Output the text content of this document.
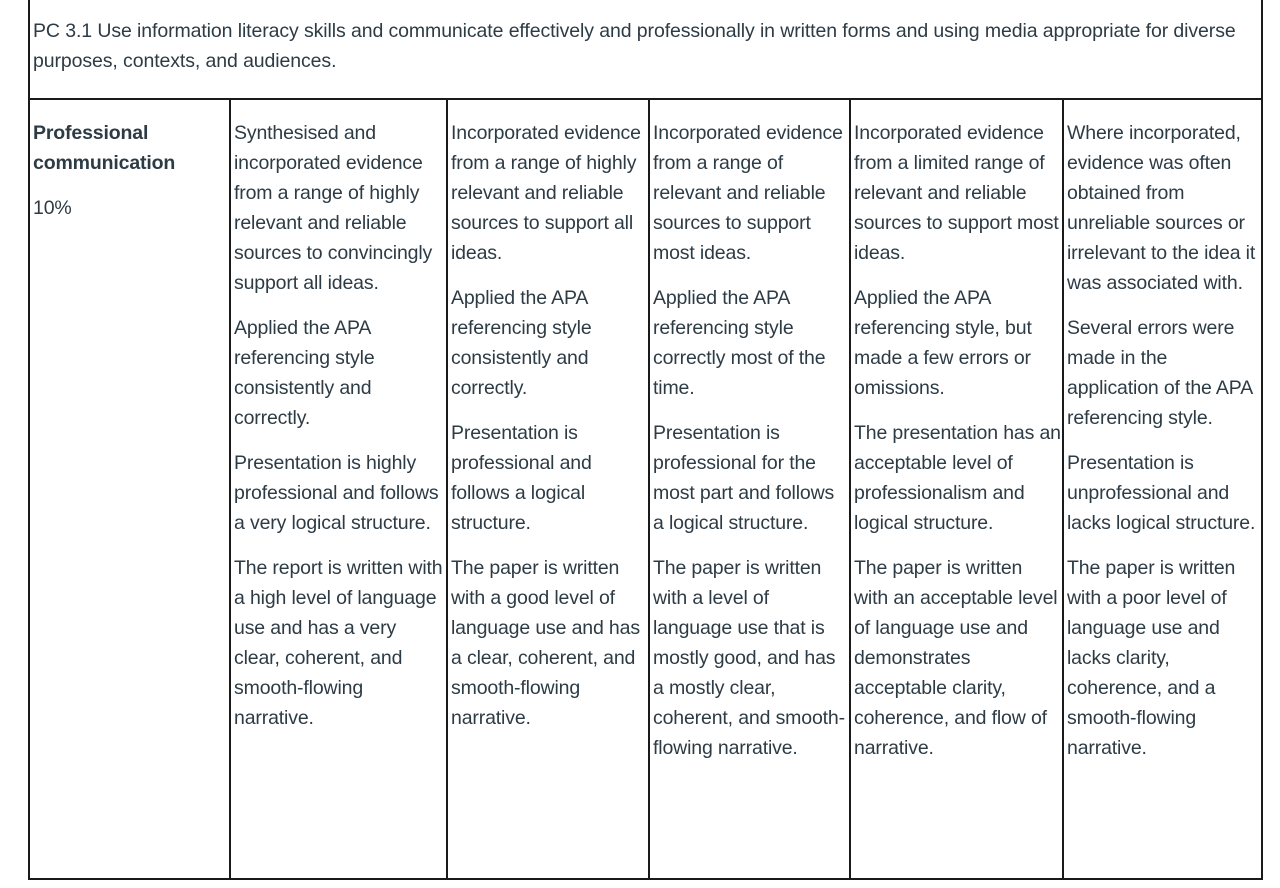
PC 3.1 Use information literacy skills and communicate effectively and professionally in written forms and using media appropriate for diverse purposes, contexts, and audiences.

Professional
communication

10%

Synthesised and incorporated evidence from a range of highly relevant and reliable sources to convincingly support all ideas.

Applied the APA referencing style consistently and correctly.

Presentation is highly professional and follows a very logical structure.

The report is written with a high level of language use and has a very clear, coherent, and smooth-flowing narrative.

Incorporated evidence from a range of highly relevant and reliable sources to support all ideas.

Applied the APA referencing style consistently and correctly.

Presentation is professional and follows a logical structure.

The paper is written with a good level of language use and has a clear, coherent, and smooth-flowing narrative.

Incorporated evidence from a range of relevant and reliable sources to support most ideas.

Applied the APA referencing style correctly most of the time.

Presentation is professional for the most part and follows a logical structure.

The paper is written with a level of language use that is mostly good, and has a mostly clear, coherent, and smooth-flowing narrative.

Incorporated evidence from a limited range of relevant and reliable sources to support most ideas.

Applied the APA referencing style, but made a few errors or omissions.

The presentation has an acceptable level of professionalism and logical structure.

The paper is written with an acceptable level of language use and demonstrates acceptable clarity, coherence, and flow of narrative.

Where incorporated, evidence was often obtained from unreliable sources or irrelevant to the idea it was associated with.

Several errors were made in the application of the APA referencing style.

Presentation is unprofessional and lacks logical structure.

The paper is written with a poor level of language use and lacks clarity, coherence, and a smooth-flowing narrative.
